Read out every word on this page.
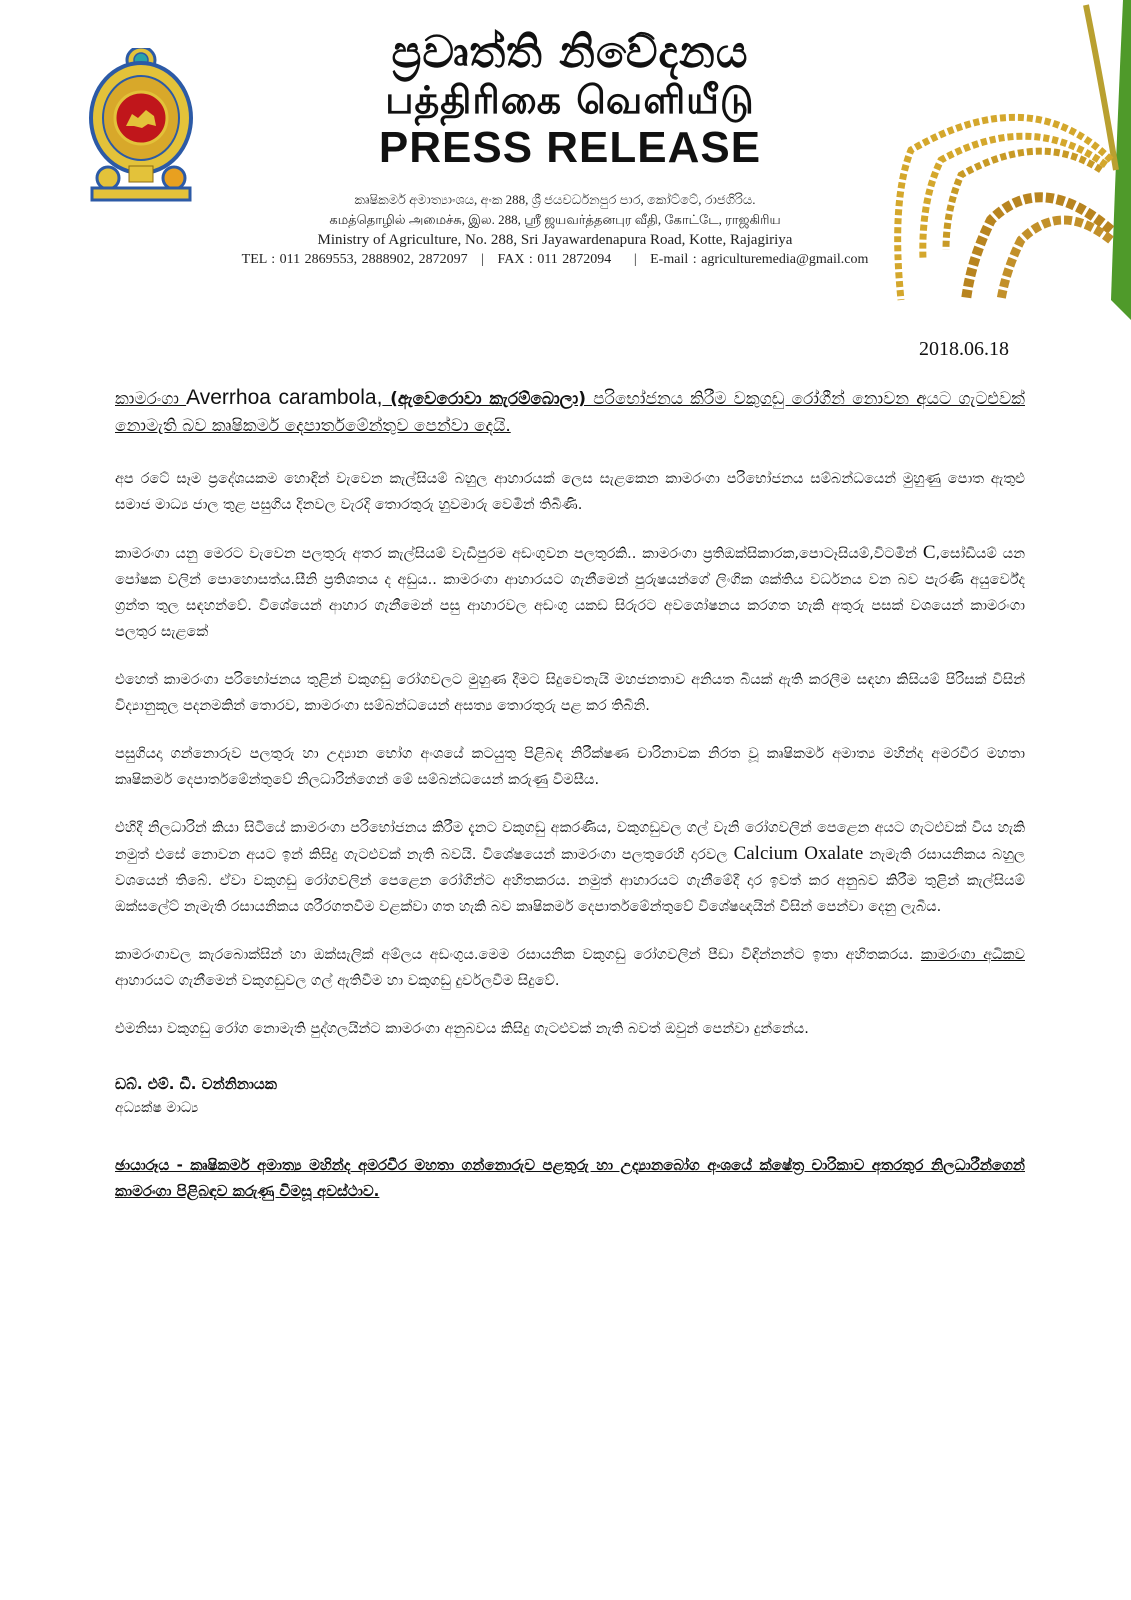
ප්‍රවෘත්ති නිවේදනය
பத்திரிகை வெளியீடு
PRESS RELEASE
කෘෂිකර්ම අමාත්‍යාංශය, අංක 288, ශ්‍රී ජයවර්ධනපුර පාර, කෝට්ටේ, රාජගිරිය.
கமத்தொழில் அமைச்சு, இல. 288, ஸ்ரீ ஜயவர்த்தனபுர வீதி, கோட்டே, ராஜகிரிய
Ministry of Agriculture, No. 288, Sri Jayawardenapura Road, Kotte, Rajagiriya
TEL : 011 2869553, 2888902, 2872097 | FAX : 011 2872094 | E-mail : agriculturemedia@gmail.com
2018.06.18
කාමරංගා Averrhoa carambola, (ඇවෙරොවා කැරම්බොලා) පරිභෝජනය කිරීම වකුගඩු රෝගීන් නොවන අයට ගැටළුවක් නොමැති බව කෘෂිකර්ම දෙපාර්තමේන්තුව පෙන්වා දෙයි.

අප රටේ සෑම ප්‍රදේශයකම හොඳින් වැවෙන කැල්සියම් බහුල ආහාරයක් ලෙස සැළකෙන කාමරංගා පරිභෝජනය සම්බන්ධයෙන් මුහුණු පොත ඇතුළු සමාජ මාධ්‍ය ජාල තුළ පසුගිය දිනවල වැරදි තොරතුරු හුවමාරු වෙමින් තිබිණි.

කාමරංගා යනු මෙරට වැවෙන පලතුරු අතර කැල්සියම් වැඩිපුරම අඩංගුවන පලතුරකි.. කාමරංගා ප්‍රතිඔක්සිකාරක,පොටෑසියම්,විටමින් C,සෝඩියම් යන පෝෂක වලින් පොහොසත්ය.සීනි ප්‍රතිශතය ද අඩුය.. කාමරංගා ආහාරයට ගැනීමෙන් පුරුෂයන්ගේ ලිංගික ශක්තිය වර්ධනය වන බව පැරණි අයුර්වේද ග්‍රන්ත තුල සඳහන්වේ. විශේයෙන් ආහාර ගැනීමෙන් පසු ආහාරවල අඩංගු යකඩ සිරුරට අවශෝෂනය කරගත හැකි අතුරු පසක් වශයෙන් කාමරංගා පලතුර සැළකේ

එහෙත් කාමරංගා පරිභෝජනය තුළින් වකුගඩු රෝගවලට මුහුණ දීමට සිදුවෙතැයි මහජනතාව අනියත බියක් ඇති කරලීම සඳහා කිසියම් පිරිසක් විසින් විද්‍යානුකූල පදනමකින් තොරව, කාමරංගා සම්බන්ධයෙන් අසත්‍ය තොරතුරු පළ කර තිබිනි.

පසුගියදා ගන්නොරුව පලතුරු හා උද්‍යාන භෝග අංශයේ කටයුතු පිළිබඳ නිරීක්ෂණ චාරිනාවක නිරත වූ කෘෂිකර්ම අමාත්‍ය මහින්ද අමරවීර මහතා කෘෂිකර්ම දෙපාර්තමේන්තුවේ නිලධාරින්ගෙන් මේ සම්බන්ධයෙන් කරුණු විමසීය.

එහිදී නිලධාරින් කියා සිටියේ කාමරංගා පරිභෝජනය කිරීම දැනට වකුගඩු අකරණිය, වකුගඩුවල ගල් වැනි රෝගවලින් පෙළෙන අයට ගැටළුවක් විය හැකි නමුත් එසේ නොවන අයට ඉන් කිසිදු ගැටළුවක් නැති බවයි. විශේෂයෙන් කාමරංගා පලතුරෙහි දාරවල Calcium Oxalate නැමැති රසායනිකය බහුල වශයෙන් තිබේ. ඒවා වකුගඩු රෝගවලින් පෙළෙන රෝගින්ට අහිතකරය. නමුත් ආහාරයට ගැනීමේදී දාර ඉවත් කර අනුබව කිරීම තුළින් කැල්සියම් ඔක්සලේට් නැමැති රසායනිකය ශරීරගතවීම වළක්වා ගත හැකි බව කෘෂිකර්ම දෙපාර්තමේන්තුවේ විශේෂඥයින් විසින් පෙන්වා දෙනු ලැබීය.

කාමරංගාවල කැරබොක්සින් හා ඔක්සැලික් අම්ලය අඩංගුය.මෙම රසායනික වකුගඩු රෝගවලින් පීඩා විඳින්නන්ට ඉතා අහිතකරය. කාමරංගා අධිකව ආහාරයට ගැනීමෙන් වකුගඩුවල ගල් ඇතිවීම හා වකුගඩු දුර්වලවීම සිදුවේ.

එමනිසා වකුගඩු රෝග නොමැති පුද්ගලයින්ට කාමරංගා අනුබවය කිසිදු ගැටළුවක් නැති බවත් ඔවුන් පෙන්වා දුන්නේය.

ඩබ්. එම්. ඩී. වන්නිනායක
අධ්‍යක්ෂ මාධ්‍ය
ඡායාරූය - කෘෂිකර්ම අමාත්‍ය මහින්ද අමරවීර මහතා ගන්නොරුව පළතුරු හා උද්‍යානබෝග අංශයේ ක්ෂේත්‍ර චාරිකාව අතරතුර නිලධාරීන්ගෙන් කාමරංගා පිළිබඳව කරුණු විමසූ අවස්ථාව.
